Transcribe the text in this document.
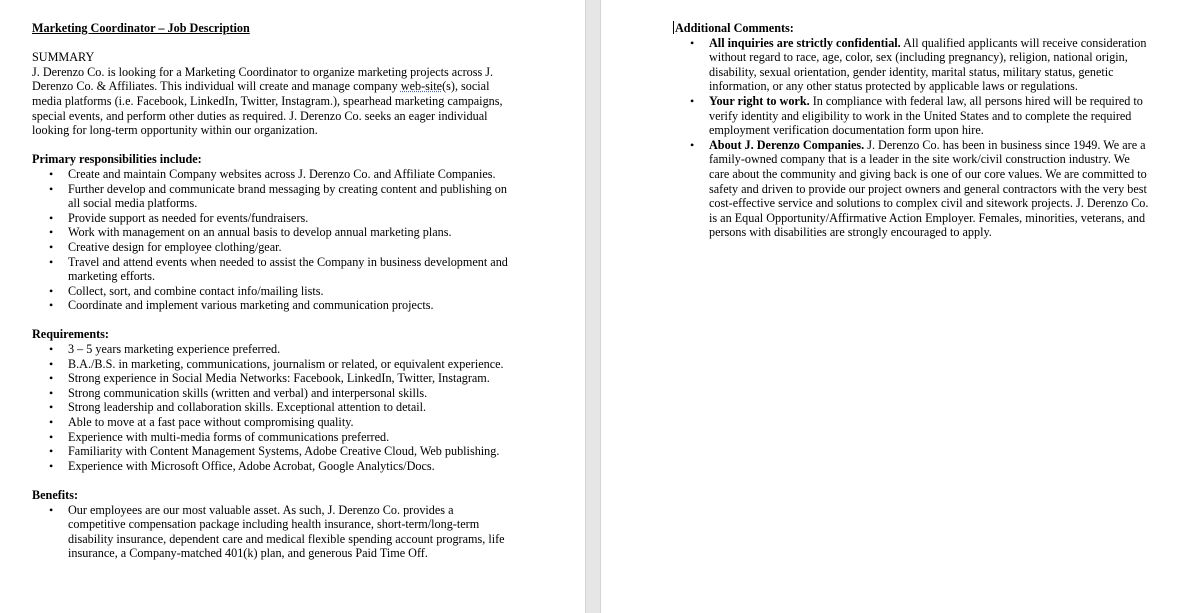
Marketing Coordinator – Job Description
SUMMARY

J. Derenzo Co. is looking for a Marketing Coordinator to organize marketing projects across J. Derenzo Co. & Affiliates. This individual will create and manage company web-site(s), social media platforms (i.e. Facebook, LinkedIn, Twitter, Instagram.), spearhead marketing campaigns, special events, and perform other duties as required. J. Derenzo Co. seeks an eager individual looking for long-term opportunity within our organization.

Primary responsibilities include:
• Create and maintain Company websites across J. Derenzo Co. and Affiliate Companies.
• Further develop and communicate brand messaging by creating content and publishing on all social media platforms.
• Provide support as needed for events/fundraisers.
• Work with management on an annual basis to develop annual marketing plans.
• Creative design for employee clothing/gear.
• Travel and attend events when needed to assist the Company in business development and marketing efforts.
• Collect, sort, and combine contact info/mailing lists.
• Coordinate and implement various marketing and communication projects.
Requirements:
• 3 – 5 years marketing experience preferred.
• B.A./B.S. in marketing, communications, journalism or related, or equivalent experience.
• Strong experience in Social Media Networks: Facebook, LinkedIn, Twitter, Instagram.
• Strong communication skills (written and verbal) and interpersonal skills.
• Strong leadership and collaboration skills. Exceptional attention to detail.
• Able to move at a fast pace without compromising quality.
• Experience with multi-media forms of communications preferred.
• Familiarity with Content Management Systems, Adobe Creative Cloud, Web publishing.
• Experience with Microsoft Office, Adobe Acrobat, Google Analytics/Docs.
Benefits:
• Our employees are our most valuable asset. As such, J. Derenzo Co. provides a competitive compensation package including health insurance, short-term/long-term disability insurance, dependent care and medical flexible spending account programs, life insurance, a Company-matched 401(k) plan, and generous Paid Time Off.
Additional Comments:
• All inquiries are strictly confidential. All qualified applicants will receive consideration without regard to race, age, color, sex (including pregnancy), religion, national origin, disability, sexual orientation, gender identity, marital status, military status, genetic information, or any other status protected by applicable laws or regulations.
• Your right to work. In compliance with federal law, all persons hired will be required to verify identity and eligibility to work in the United States and to complete the required employment verification documentation form upon hire.
• About J. Derenzo Companies. J. Derenzo Co. has been in business since 1949. We are a family-owned company that is a leader in the site work/civil construction industry. We care about the community and giving back is one of our core values. We are committed to safety and driven to provide our project owners and general contractors with the very best cost-effective service and solutions to complex civil and sitework projects. J. Derenzo Co. is an Equal Opportunity/Affirmative Action Employer. Females, minorities, veterans, and persons with disabilities are strongly encouraged to apply.
